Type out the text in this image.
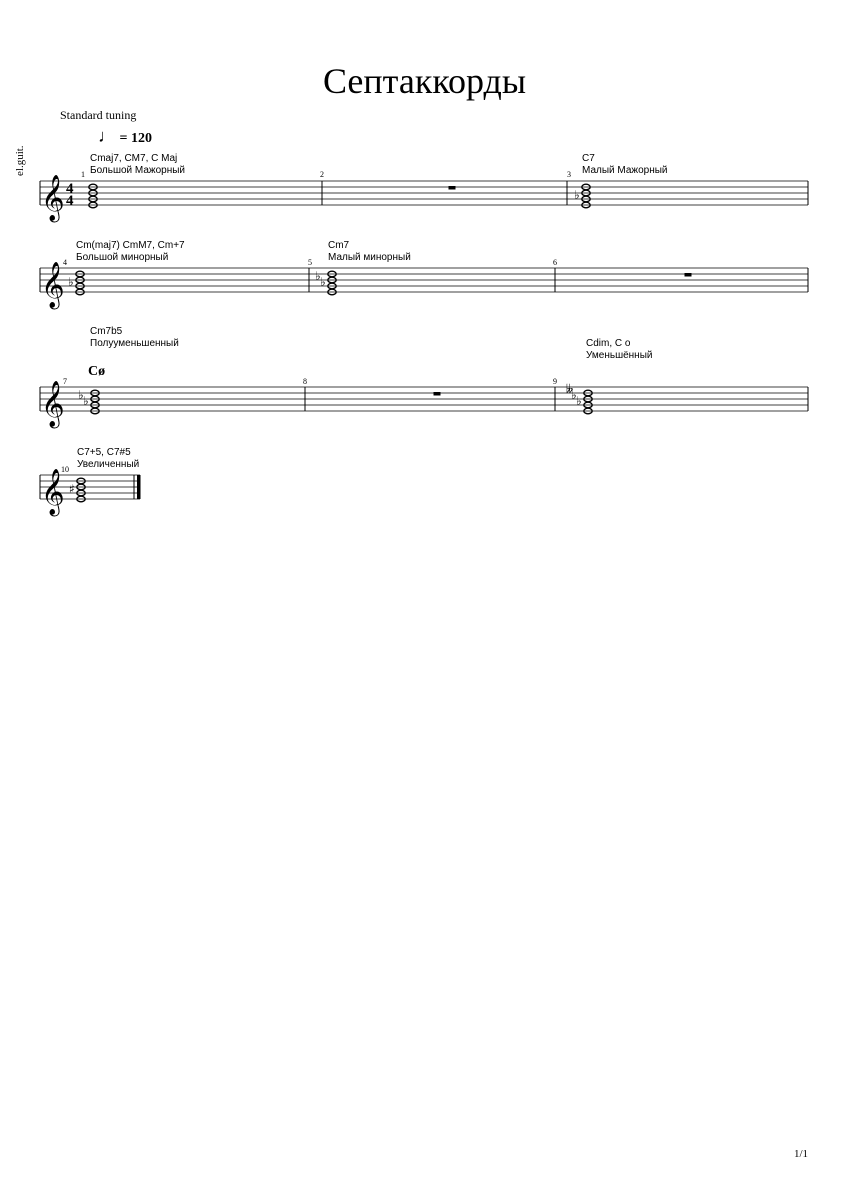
Септаккорды
Standard tuning
♩ = 120
el.guit.	Cmaj7, CM7, C Maj
Большой Мажорный
C7
Малый Мажорный
Cm(maj7) CmM7, Cm+7
Большой минорный
Cm7
Малый минорный
Cm7b5
Полууменьшенный	Cdim, C o
Уменьшённый
C7+5, C7#5
Увеличенный
Cø
1	2	3
4	5	6
7	8	9
10
𝄞 4
4
𝄞
𝄞
𝄞
♭
♭	♭
♭
♭
♭	♭
♭
𝄫
♯
1/1
